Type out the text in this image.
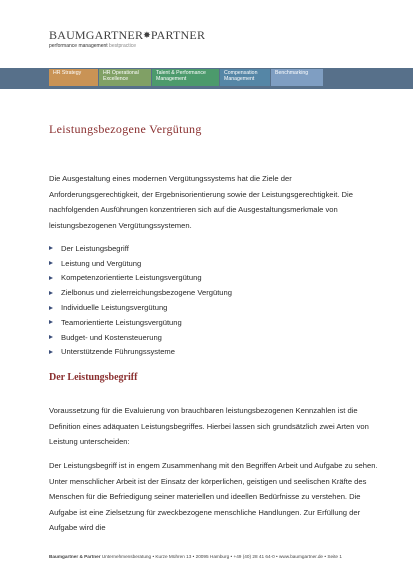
BAUMGARTNER✸PARTNER
performance management bestpractice
HR Strategy	HR Operational
Excellence
Talent & Performance
Management
Compensation
Management
Benchmarking
Leistungsbezogene Vergütung

Die Ausgestaltung eines modernen Vergütungssystems hat die Ziele der Anforderungsgerechtigkeit, der Ergebnisorientierung sowie der Leistungsgerechtigkeit. Die nachfolgenden Ausführungen konzentrieren sich auf die Ausgestaltungsmerkmale von leistungsbezogenen Vergütungssystemen.

Der Leistungsbegriff
Leistung und Vergütung
Kompetenzorientierte Leistungsvergütung
Zielbonus und zielerreichungsbezogene Vergütung
Individuelle Leistungsvergütung
Teamorientierte Leistungsvergütung
Budget- und Kostensteuerung
Unterstützende Führungssysteme
Der Leistungsbegriff

Voraussetzung für die Evaluierung von brauchbaren leistungsbezogenen Kennzahlen ist die Definition eines adäquaten Leistungsbegriffes. Hierbei lassen sich grundsätzlich zwei Arten von Leistung unterscheiden:

Der Leistungsbegriff ist in engem Zusammenhang mit den Begriffen Arbeit und Aufgabe zu sehen. Unter menschlicher Arbeit ist der Einsatz der körperlichen, geistigen und seelischen Kräfte des Menschen für die Befriedigung seiner materiellen und ideellen Bedürfnisse zu verstehen. Die Aufgabe ist eine Zielsetzung für zweckbezogene menschliche Handlungen. Zur Erfüllung der Aufgabe wird die

Baumgartner & Partner Unternehmensberatung • Kurze Mühren 13 • 20095 Hamburg • +49 (40) 28 41 64-0 • www.baumgartner.de • Seite 1
